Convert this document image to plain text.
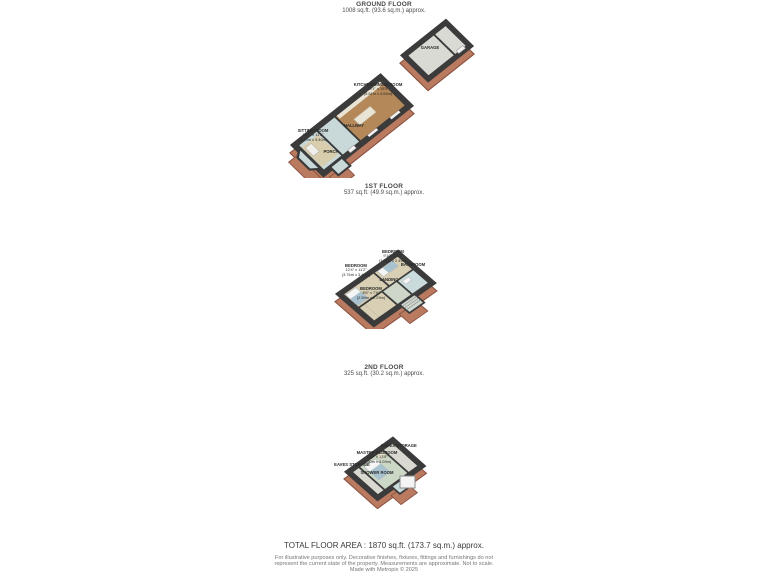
GROUND FLOOR
1008 sq.ft. (93.6 sq.m.) approx.
GARAGE
KITCHEN/DINING ROOM
19'1" x 15'5"
(5.81m x 4.69m)
SITTING ROOM
12'2" x 11'2"
(3.70m x 3.40m)
HALLWAY
PORCH
1ST FLOOR
537 sq.ft. (49.9 sq.m.) approx.
BEDROOM
9'10" x 8'2"
(3.00m x 2.49m)
BATHROOM
BEDROOM
12'4" x 11'2"
(3.76m x 3.40m)
LANDING
BEDROOM
8'6" x 7'6"
(2.59m x 2.29m)
2ND FLOOR
325 sq.ft. (30.2 sq.m.) approx.
EAVES STORAGE
MASTER BEDROOM
14'9" x 13'5"
(4.50m x 4.09m)
EAVES STORAGE
SHOWER ROOM
TOTAL FLOOR AREA : 1870 sq.ft. (173.7 sq.m.) approx.
For illustrative purposes only. Decorative finishes, fixtures, fittings and furnishings do not
represent the current state of the property. Measurements are approximate. Not to scale.
Made with Metropix © 2025
